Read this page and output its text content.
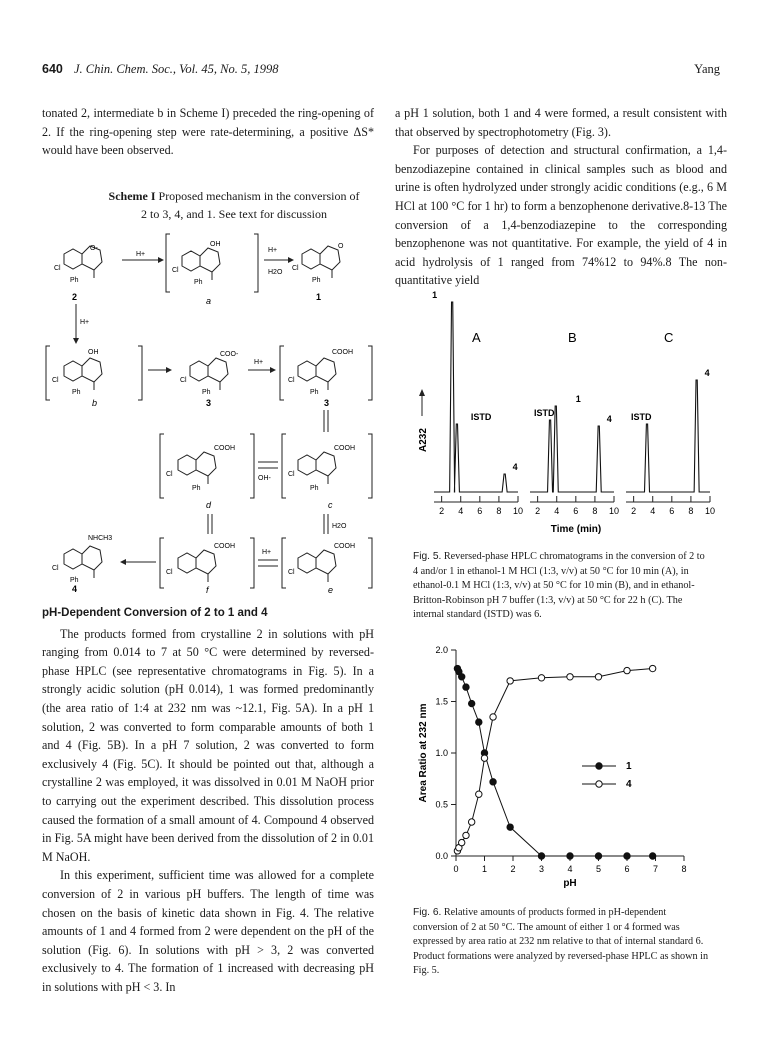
640 J. Chin. Chem. Soc., Vol. 45, No. 5, 1998	Yang

tonated 2, intermediate b in Scheme I) preceded the ring-opening of 2. If the ring-opening step were rate-determining, a positive ΔS* would have been observed.

Scheme I Proposed mechanism in the conversion of
2 to 3, 4, and 1. See text for discussion
Cl
O-
Ph
2
H+
OH
Cl
Ph
a
H+
H2O
Cl
O
Ph
1
H+
OH
Cl
Ph
b
COO-
Cl
Ph
3
H+
COOH
Cl
Ph
3
COOH
Cl
Ph
d
OH-
COOH
Cl
Ph
c
H2O
NHCH3
Cl
Ph
4
COOH
Cl
f
H+
COOH
Cl
e

pH-Dependent Conversion of 2 to 1 and 4

The products formed from crystalline 2 in solutions with pH ranging from 0.014 to 7 at 50 °C were determined by reversed-phase HPLC (see representative chromatograms in Fig. 5). In a strongly acidic solution (pH 0.014), 1 was formed predominantly (the area ratio of 1:4 at 232 nm was ~12.1, Fig. 5A). In a pH 1 solution, 2 was converted to form comparable amounts of both 1 and 4 (Fig. 5B). In a pH 7 solution, 2 was converted to form exclusively 4 (Fig. 5C). It should be pointed out that, although a crystalline 2 was employed, it was dissolved in 0.01 M NaOH prior to carrying out the experiment described. This dissolution process caused the formation of a small amount of 4. Compound 4 observed in Fig. 5A might have been derived from the dissolution of 2 in 0.01 M NaOH.

In this experiment, sufficient time was allowed for a complete conversion of 2 in various pH buffers. The length of time was chosen on the basis of kinetic data shown in Fig. 4. The relative amounts of 1 and 4 formed from 2 were dependent on the pH of the solution (Fig. 6). In solutions with pH > 3, 2 was converted exclusively to 4. The formation of 1 increased with decreasing pH in solutions with pH < 3. In

a pH 1 solution, both 1 and 4 were formed, a result consistent with that observed by spectrophotometry (Fig. 3).

For purposes of detection and structural confirmation, a 1,4-benzodiazepine contained in clinical samples such as blood and urine is often hydrolyzed under strongly acidic conditions (e.g., 6 M HCl at 100 °C for 1 hr) to form a benzophenone derivative.8-13 The conversion of a 1,4-benzodiazepine to the corresponding benzophenone was not quantitative. For example, the yield of 4 in acid hydrolysis of 1 ranged from 74%12 to 94%.8 The non-quantitative yield

A232
A
1
ISTD
4
2 4 6 8 10
B
ISTD
1
4
2 4 6 8 10
C
ISTD
4
2 4 6 8 10
Time (min)
Fig. 5. Reversed-phase HPLC chromatograms in the conversion of 2 to 4 and/or 1 in ethanol-1 M HCl (1:3, v/v) at 50 °C for 10 min (A), in ethanol-0.1 M HCl (1:3, v/v) at 50 °C for 10 min (B), and in ethanol-Britton-Robinson pH 7 buffer (1:3, v/v) at 50 °C for 22 h (C). The internal standard (ISTD) was 6.
Area Ratio at 232 nm
0.0
0.5
1.0
1.5
2.0
0	1	2	3	4	5	6	7	8
1
4
pH
Fig. 6. Relative amounts of products formed in pH-dependent conversion of 2 at 50 °C. The amount of either 1 or 4 formed was expressed by area ratio at 232 nm relative to that of internal standard 6. Product formations were analyzed by reversed-phase HPLC as shown in Fig. 5.
